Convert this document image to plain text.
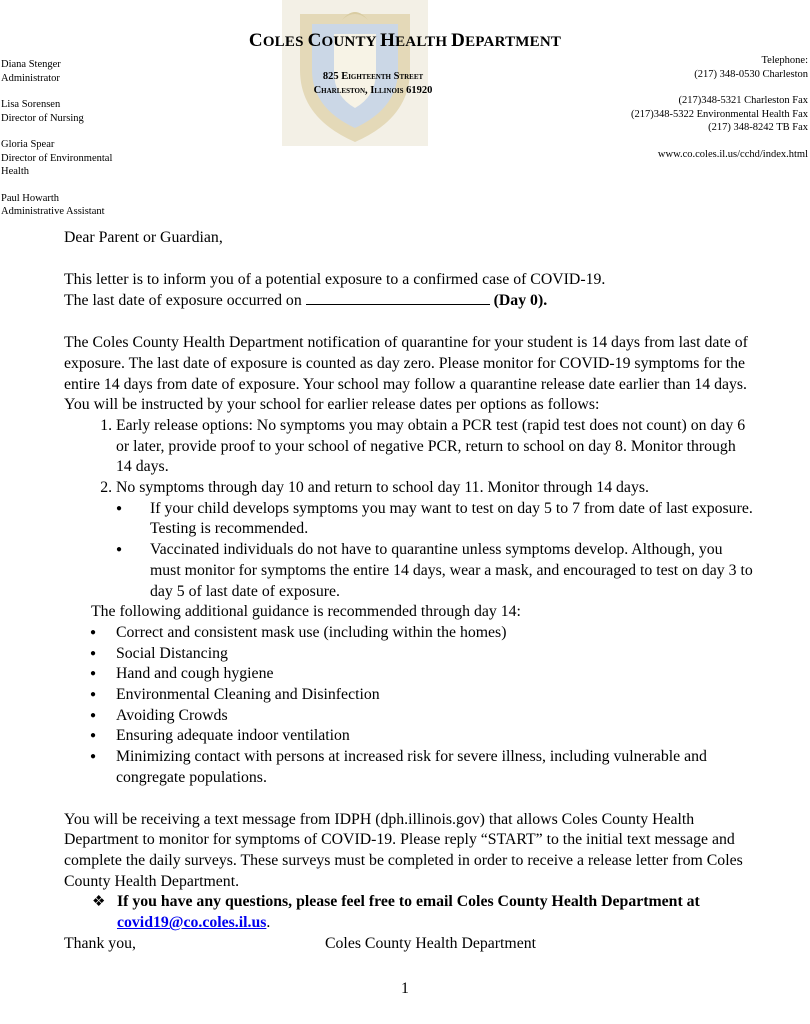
COLES COUNTY HEALTH DEPARTMENT
825 Eighteenth Street
Charleston, Illinois 61920
Diana Stenger
Administrator
Lisa Sorensen
Director of Nursing
Gloria Spear
Director of Environmental Health
Paul Howarth
Administrative Assistant
Telephone:
(217) 348-0530 Charleston
(217)348-5321 Charleston Fax
(217)348-5322 Environmental Health Fax
(217) 348-8242 TB Fax
www.co.coles.il.us/cchd/index.html

Dear Parent or Guardian,

This letter is to inform you of a potential exposure to a confirmed case of COVID-19.

The last date of exposure occurred on	(Day 0).

The Coles County Health Department notification of quarantine for your student is 14 days from last date of exposure. The last date of exposure is counted as day zero. Please monitor for COVID-19 symptoms for the entire 14 days from date of exposure. Your school may follow a quarantine release date earlier than 14 days. You will be instructed by your school for earlier release dates per options as follows:

1. Early release options: No symptoms you may obtain a PCR test (rapid test does not count) on day 6 or later, provide proof to your school of negative PCR, return to school on day 8. Monitor through 14 days.
2. No symptoms through day 10 and return to school day 11. Monitor through 14 days.
● If your child develops symptoms you may want to test on day 5 to 7 from date of last exposure. Testing is recommended.
● Vaccinated individuals do not have to quarantine unless symptoms develop. Although, you must monitor for symptoms the entire 14 days, wear a mask, and encouraged to test on day 3 to day 5 of last date of exposure.

The following additional guidance is recommended through day 14:

● Correct and consistent mask use (including within the homes)
● Social Distancing
● Hand and cough hygiene
● Environmental Cleaning and Disinfection
● Avoiding Crowds
● Ensuring adequate indoor ventilation
● Minimizing contact with persons at increased risk for severe illness, including vulnerable and congregate populations.

You will be receiving a text message from IDPH (dph.illinois.gov) that allows Coles County Health Department to monitor for symptoms of COVID-19. Please reply “START” to the initial text message and complete the daily surveys. These surveys must be completed in order to receive a release letter from Coles County Health Department.

❖ If you have any questions, please feel free to email Coles County Health Department at covid19@co.coles.il.us.

Thank you,	Coles County Health Department
1
